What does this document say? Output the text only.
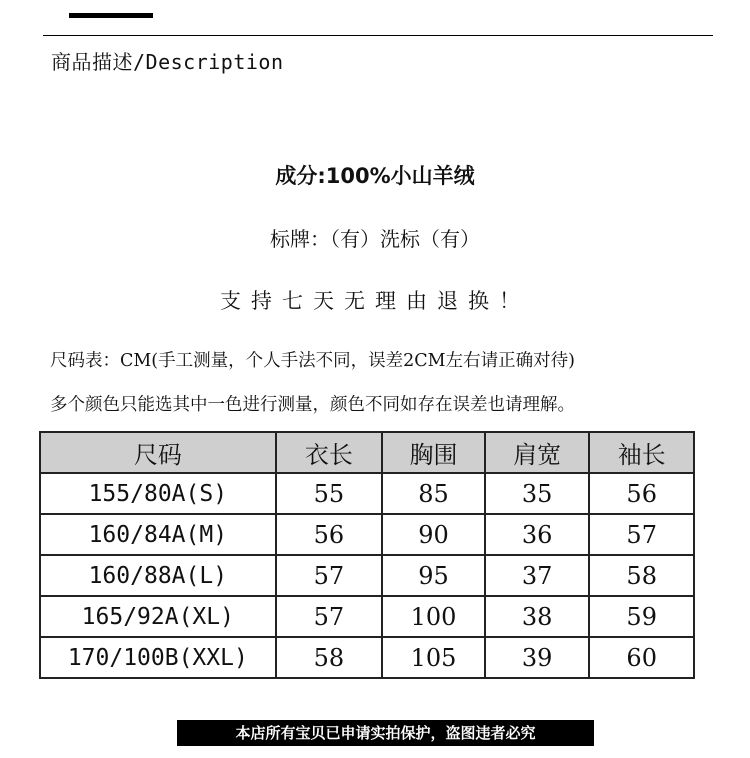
商品描述/Description
成分:100%小山羊绒
标牌：（有）洗标（有）
支持七天无理由退换！
尺码表：CM(手工测量，个人手法不同，误差2CM左右请正确对待)
多个颜色只能选其中一色进行测量，颜色不同如存在误差也请理解。
尺码	衣长	胸围	肩宽	袖长
155/80A(S)	55	85	35	56
160/84A(M)	56	90	36	57
160/88A(L)	57	95	37	58
165/92A(XL)	57	100	38	59
170/100B(XXL)	58	105	39	60
本店所有宝贝已申请实拍保护，盗图违者必究
